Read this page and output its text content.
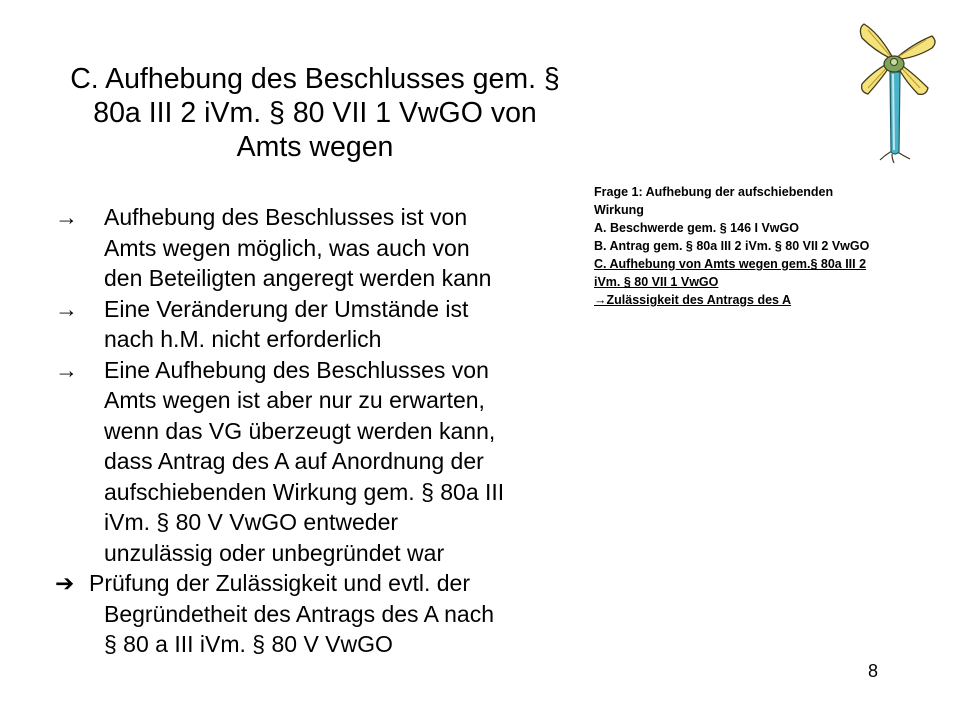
C. Aufhebung des Beschlusses gem. §
80a III 2 iVm. § 80 VII 1 VwGO von
Amts wegen
→	Aufhebung des Beschlusses ist von
Amts wegen möglich, was auch von
den Beteiligten angeregt werden kann
→	Eine Veränderung der Umstände ist
nach h.M. nicht erforderlich
→	Eine Aufhebung des Beschlusses von
Amts wegen ist aber nur zu erwarten,
wenn das VG überzeugt werden kann,
dass Antrag des A auf Anordnung der
aufschiebenden Wirkung gem. § 80a III
iVm. § 80 V VwGO entweder
unzulässig oder unbegründet war
➔ Prüfung der Zulässigkeit und evtl. der
Begründetheit des Antrags des A nach
§ 80 a III iVm. § 80 V VwGO
Frage 1: Aufhebung der aufschiebenden
Wirkung
A. Beschwerde gem. § 146 I VwGO
B. Antrag gem. § 80a III 2 iVm. § 80 VII 2 VwGO
C. Aufhebung von Amts wegen gem.§ 80a III 2
iVm. § 80 VII 1 VwGO
→Zulässigkeit des Antrags des A
8
